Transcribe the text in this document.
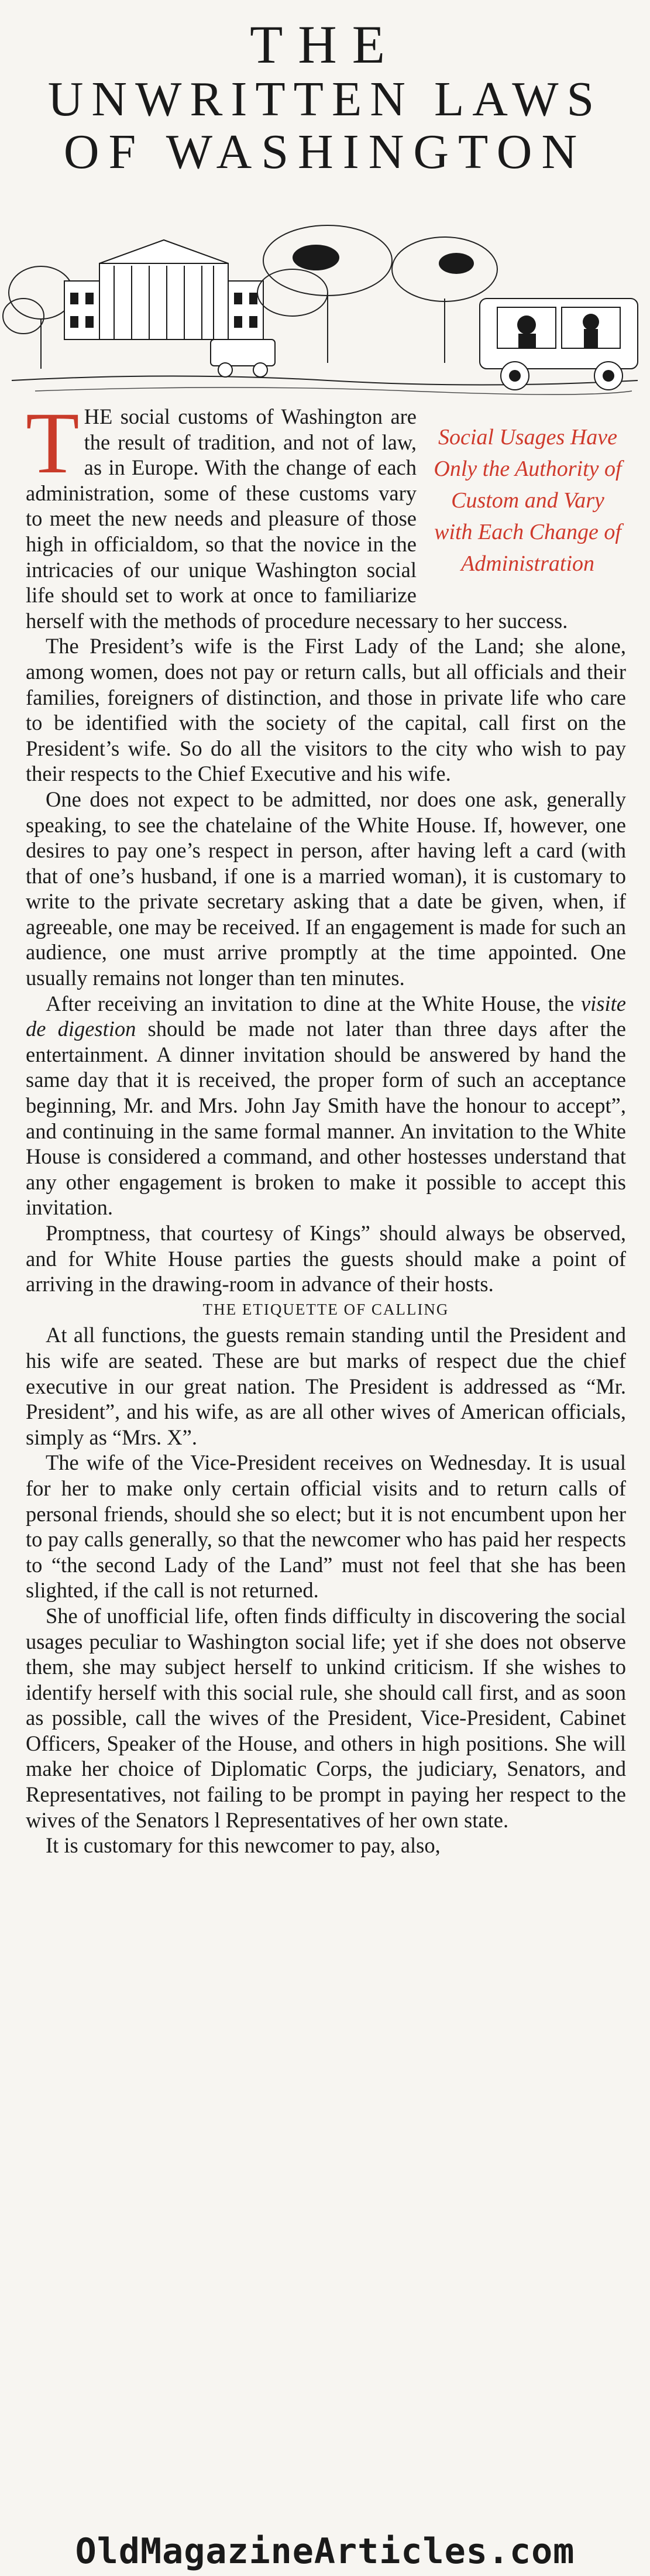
THE
UNWRITTEN LAWS
OF WASHINGTON

T	Social Usages Have Only the Authority of Custom and Vary with Each Change of Administration
HE social customs of Washington are the result of tradition, and not of law, as in Europe. With the change of each administration, some of these customs vary to meet the new needs and pleasure of those high in officialdom, so that the novice in the intricacies of our unique Washington social life should set to work at once to familiarize herself with the methods of procedure necessary to her success.

The President’s wife is the First Lady of the Land; she alone, among women, does not pay or return calls, but all officials and their families, foreigners of distinction, and those in private life who care to be identified with the society of the capital, call first on the President’s wife. So do all the visitors to the city who wish to pay their respects to the Chief Executive and his wife.

One does not expect to be admitted, nor does one ask, generally speaking, to see the chatelaine of the White House. If, however, one desires to pay one’s respect in person, after having left a card (with that of one’s husband, if one is a married woman), it is customary to write to the private secretary asking that a date be given, when, if agreeable, one may be received. If an engagement is made for such an audience, one must arrive promptly at the time appointed. One usually remains not longer than ten minutes.

After receiving an invitation to dine at the White House, the visite de digestion should be made not later than three days after the entertainment. A dinner invitation should be answered by hand the same day that it is received, the proper form of such an acceptance beginning, Mr. and Mrs. John Jay Smith have the honour to accept”, and continuing in the same formal manner. An invitation to the White House is considered a command, and other hostesses understand that any other engagement is broken to make it possible to accept this invitation.

Promptness, that courtesy of Kings” should always be observed, and for White House parties the guests should make a point of arriving in the drawing-room in advance of their hosts.

THE ETIQUETTE OF CALLING

At all functions, the guests remain standing until the President and his wife are seated. These are but marks of respect due the chief executive in our great nation. The President is addressed as “Mr. President”, and his wife, as are all other wives of American officials, simply as “Mrs. X”.

The wife of the Vice-President receives on Wednesday. It is usual for her to make only certain official visits and to return calls of personal friends, should she so elect; but it is not encumbent upon her to pay calls generally, so that the newcomer who has paid her respects to “the second Lady of the Land” must not feel that she has been slighted, if the call is not returned.

She of unofficial life, often finds difficulty in discovering the social usages peculiar to Washington social life; yet if she does not observe them, she may subject herself to unkind criticism. If she wishes to identify herself with this social rule, she should call first, and as soon as possible, call the wives of the President, Vice-President, Cabinet Officers, Speaker of the House, and others in high positions. She will make her choice of Diplomatic Corps, the judiciary, Senators, and Representatives, not failing to be prompt in paying her respect to the wives of the Senators l Representatives of her own state.

It is customary for this newcomer to pay, also,

OldMagazineArticles.com
